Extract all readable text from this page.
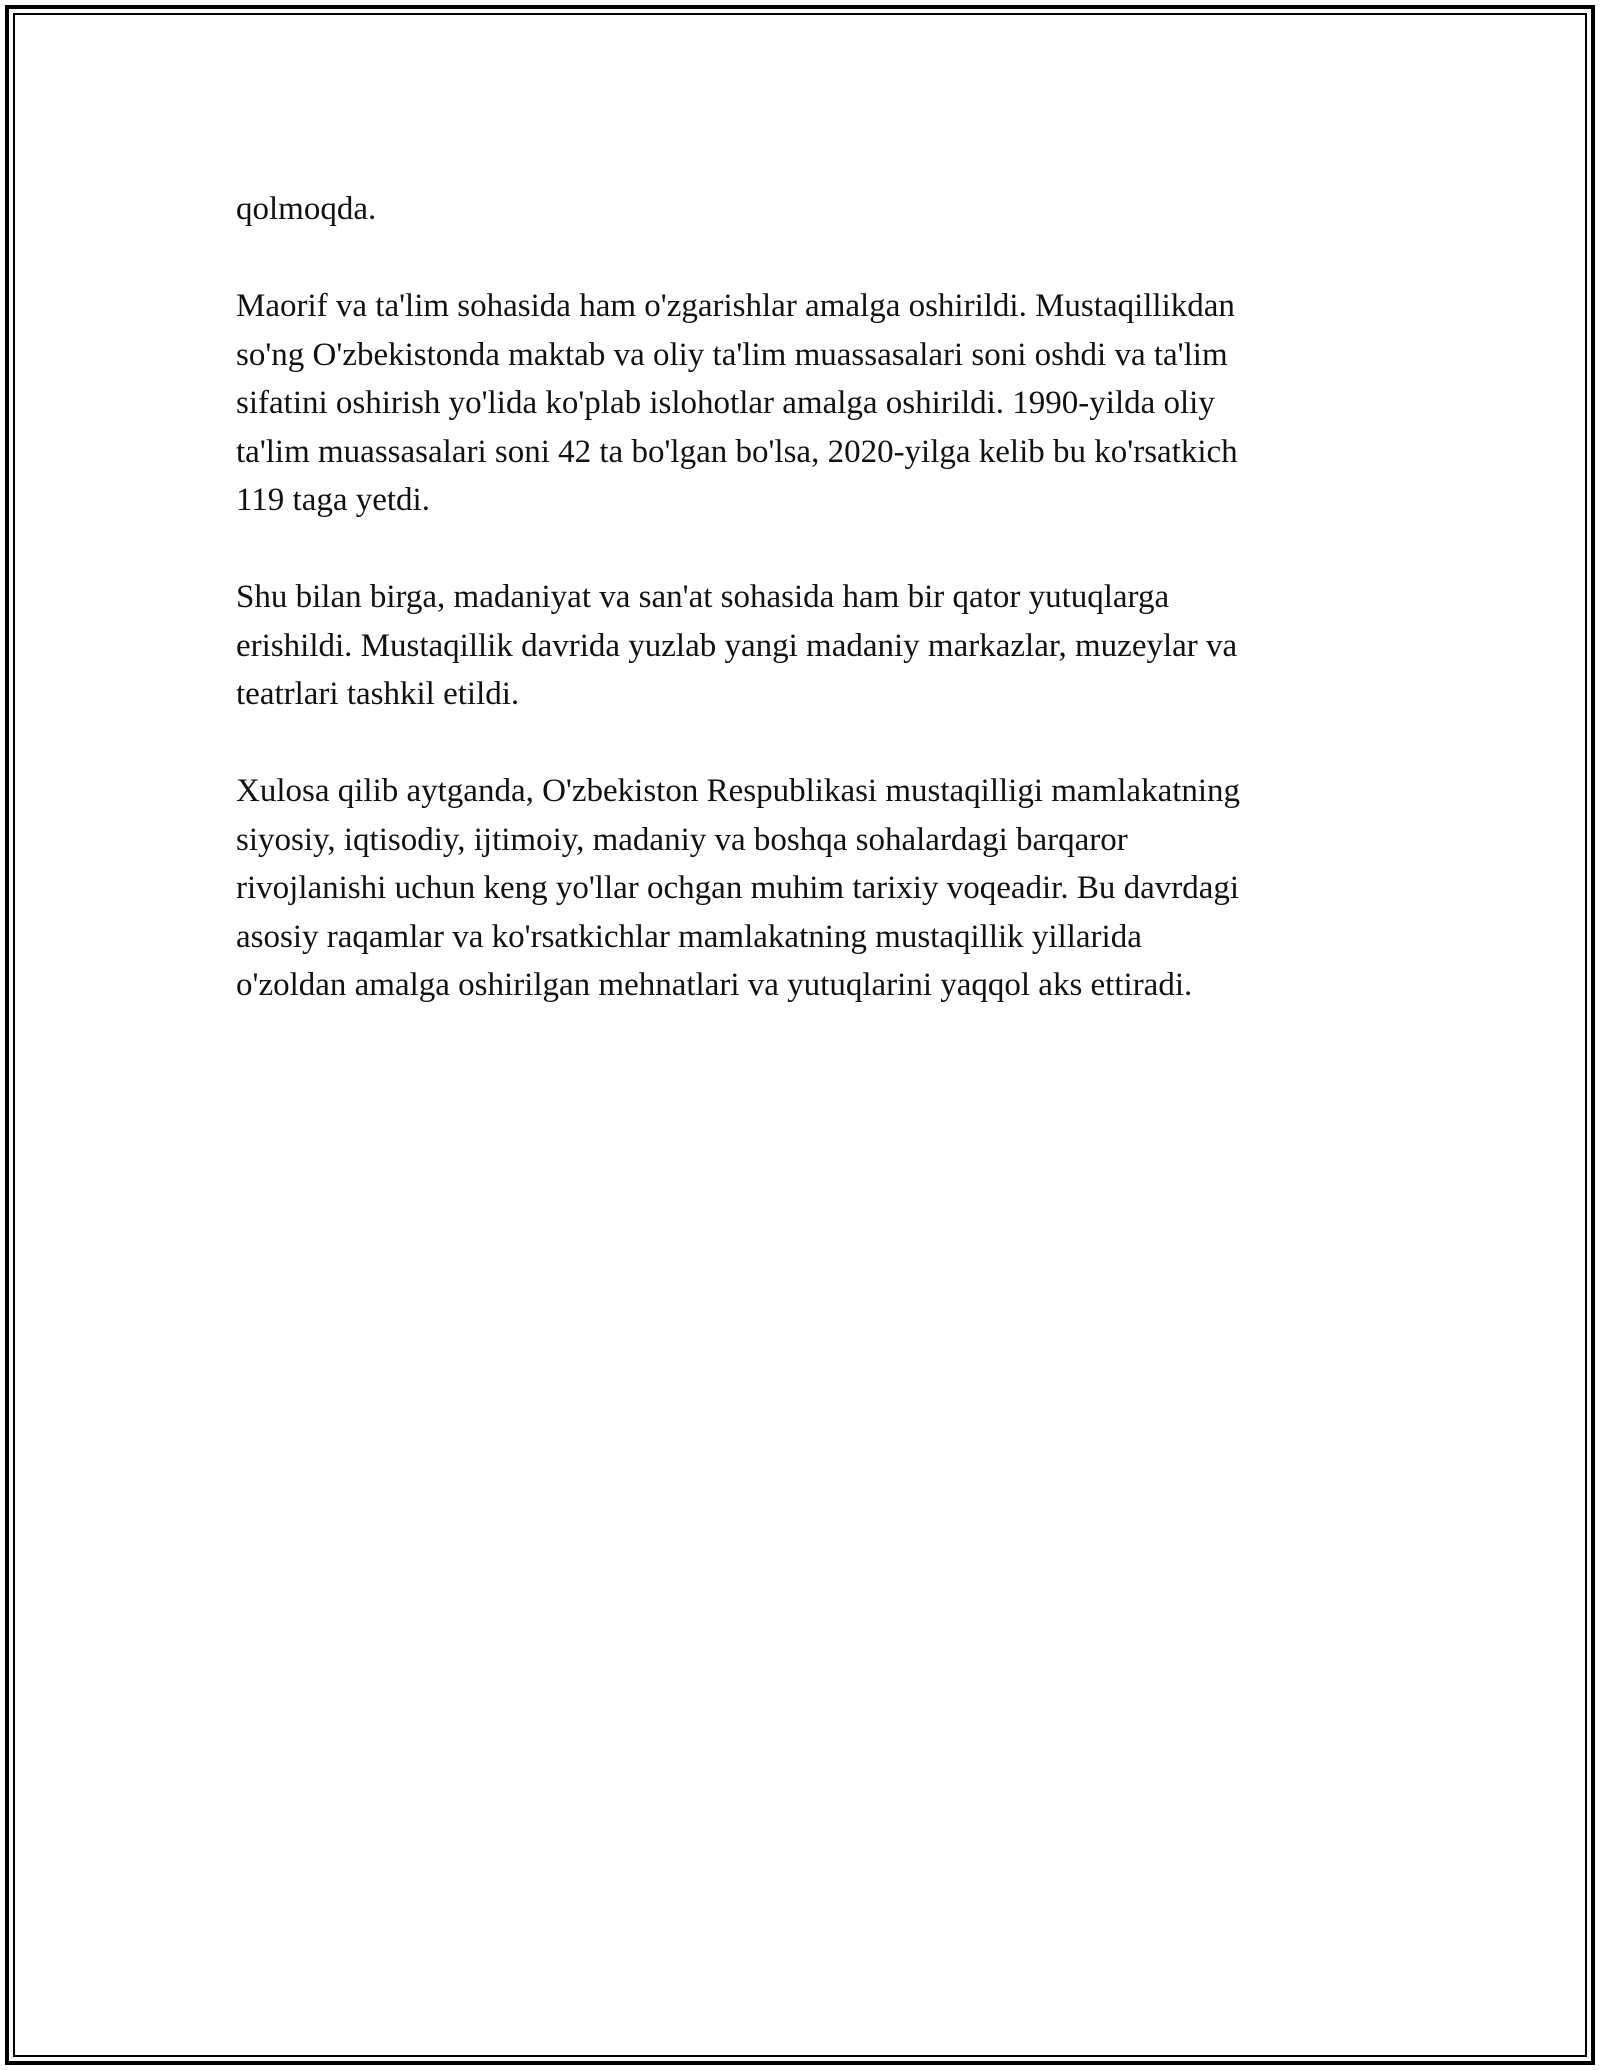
qolmoqda.

Maorif va ta'lim sohasida ham o'zgarishlar amalga oshirildi. Mustaqillikdan
so'ng O'zbekistonda maktab va oliy ta'lim muassasalari soni oshdi va ta'lim
sifatini oshirish yo'lida ko'plab islohotlar amalga oshirildi. 1990-yilda oliy
ta'lim muassasalari soni 42 ta bo'lgan bo'lsa, 2020-yilga kelib bu ko'rsatkich
119 taga yetdi.

Shu bilan birga, madaniyat va san'at sohasida ham bir qator yutuqlarga
erishildi. Mustaqillik davrida yuzlab yangi madaniy markazlar, muzeylar va
teatrlari tashkil etildi.

Xulosa qilib aytganda, O'zbekiston Respublikasi mustaqilligi mamlakatning
siyosiy, iqtisodiy, ijtimoiy, madaniy va boshqa sohalardagi barqaror
rivojlanishi uchun keng yo'llar ochgan muhim tarixiy voqeadir. Bu davrdagi
asosiy raqamlar va ko'rsatkichlar mamlakatning mustaqillik yillarida
o'zoldan amalga oshirilgan mehnatlari va yutuqlarini yaqqol aks ettiradi.
